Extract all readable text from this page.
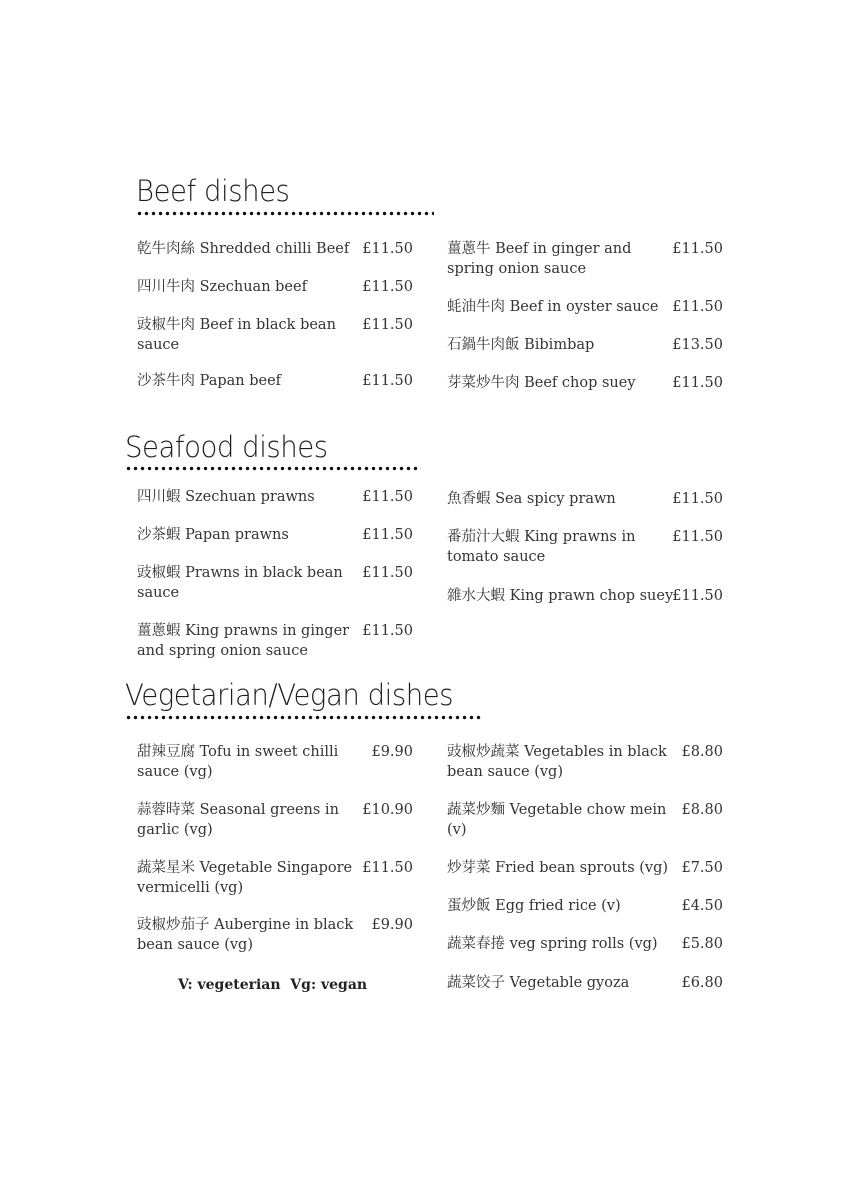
Beef dishes
乾牛肉絲 Shredded chilli Beef £11.50
四川牛肉 Szechuan beef	£11.50
豉椒牛肉 Beef in black bean sauce
£11.50
沙茶牛肉 Papan beef	£11.50
薑蔥牛 Beef in ginger and spring onion sauce
£11.50
蚝油牛肉 Beef in oyster sauce £11.50
石鍋牛肉飯 Bibimbap	£13.50
芽菜炒牛肉 Beef chop suey	£11.50
Seafood dishes
四川蝦 Szechuan prawns	£11.50
沙茶蝦 Papan prawns	£11.50
豉椒蝦 Prawns in black bean sauce
£11.50
薑蔥蝦 King prawns in ginger and spring onion sauce
£11.50
魚香蝦 Sea spicy prawn	£11.50
番茄汁大蝦 King prawns in tomato sauce
£11.50
雜水大蝦 King prawn chop suey £11.50
Vegetarian/Vegan dishes
甜辣豆腐 Tofu in sweet chilli sauce (vg)
£9.90
蒜蓉時菜 Seasonal greens in garlic (vg)
£10.90
蔬菜星米 Vegetable Singapore vermicelli (vg)
£11.50
豉椒炒茄子 Aubergine in black bean sauce (vg)
£9.90
豉椒炒蔬菜 Vegetables in black bean sauce (vg)
£8.80
蔬菜炒麵 Vegetable chow mein (v)
£8.80
炒芽菜 Fried bean sprouts (vg) £7.50
蛋炒飯 Egg fried rice (v)	£4.50
蔬菜春捲 veg spring rolls (vg)	£5.80
蔬菜饺子 Vegetable gyoza	£6.80
V: vegeterian  Vg: vegan
